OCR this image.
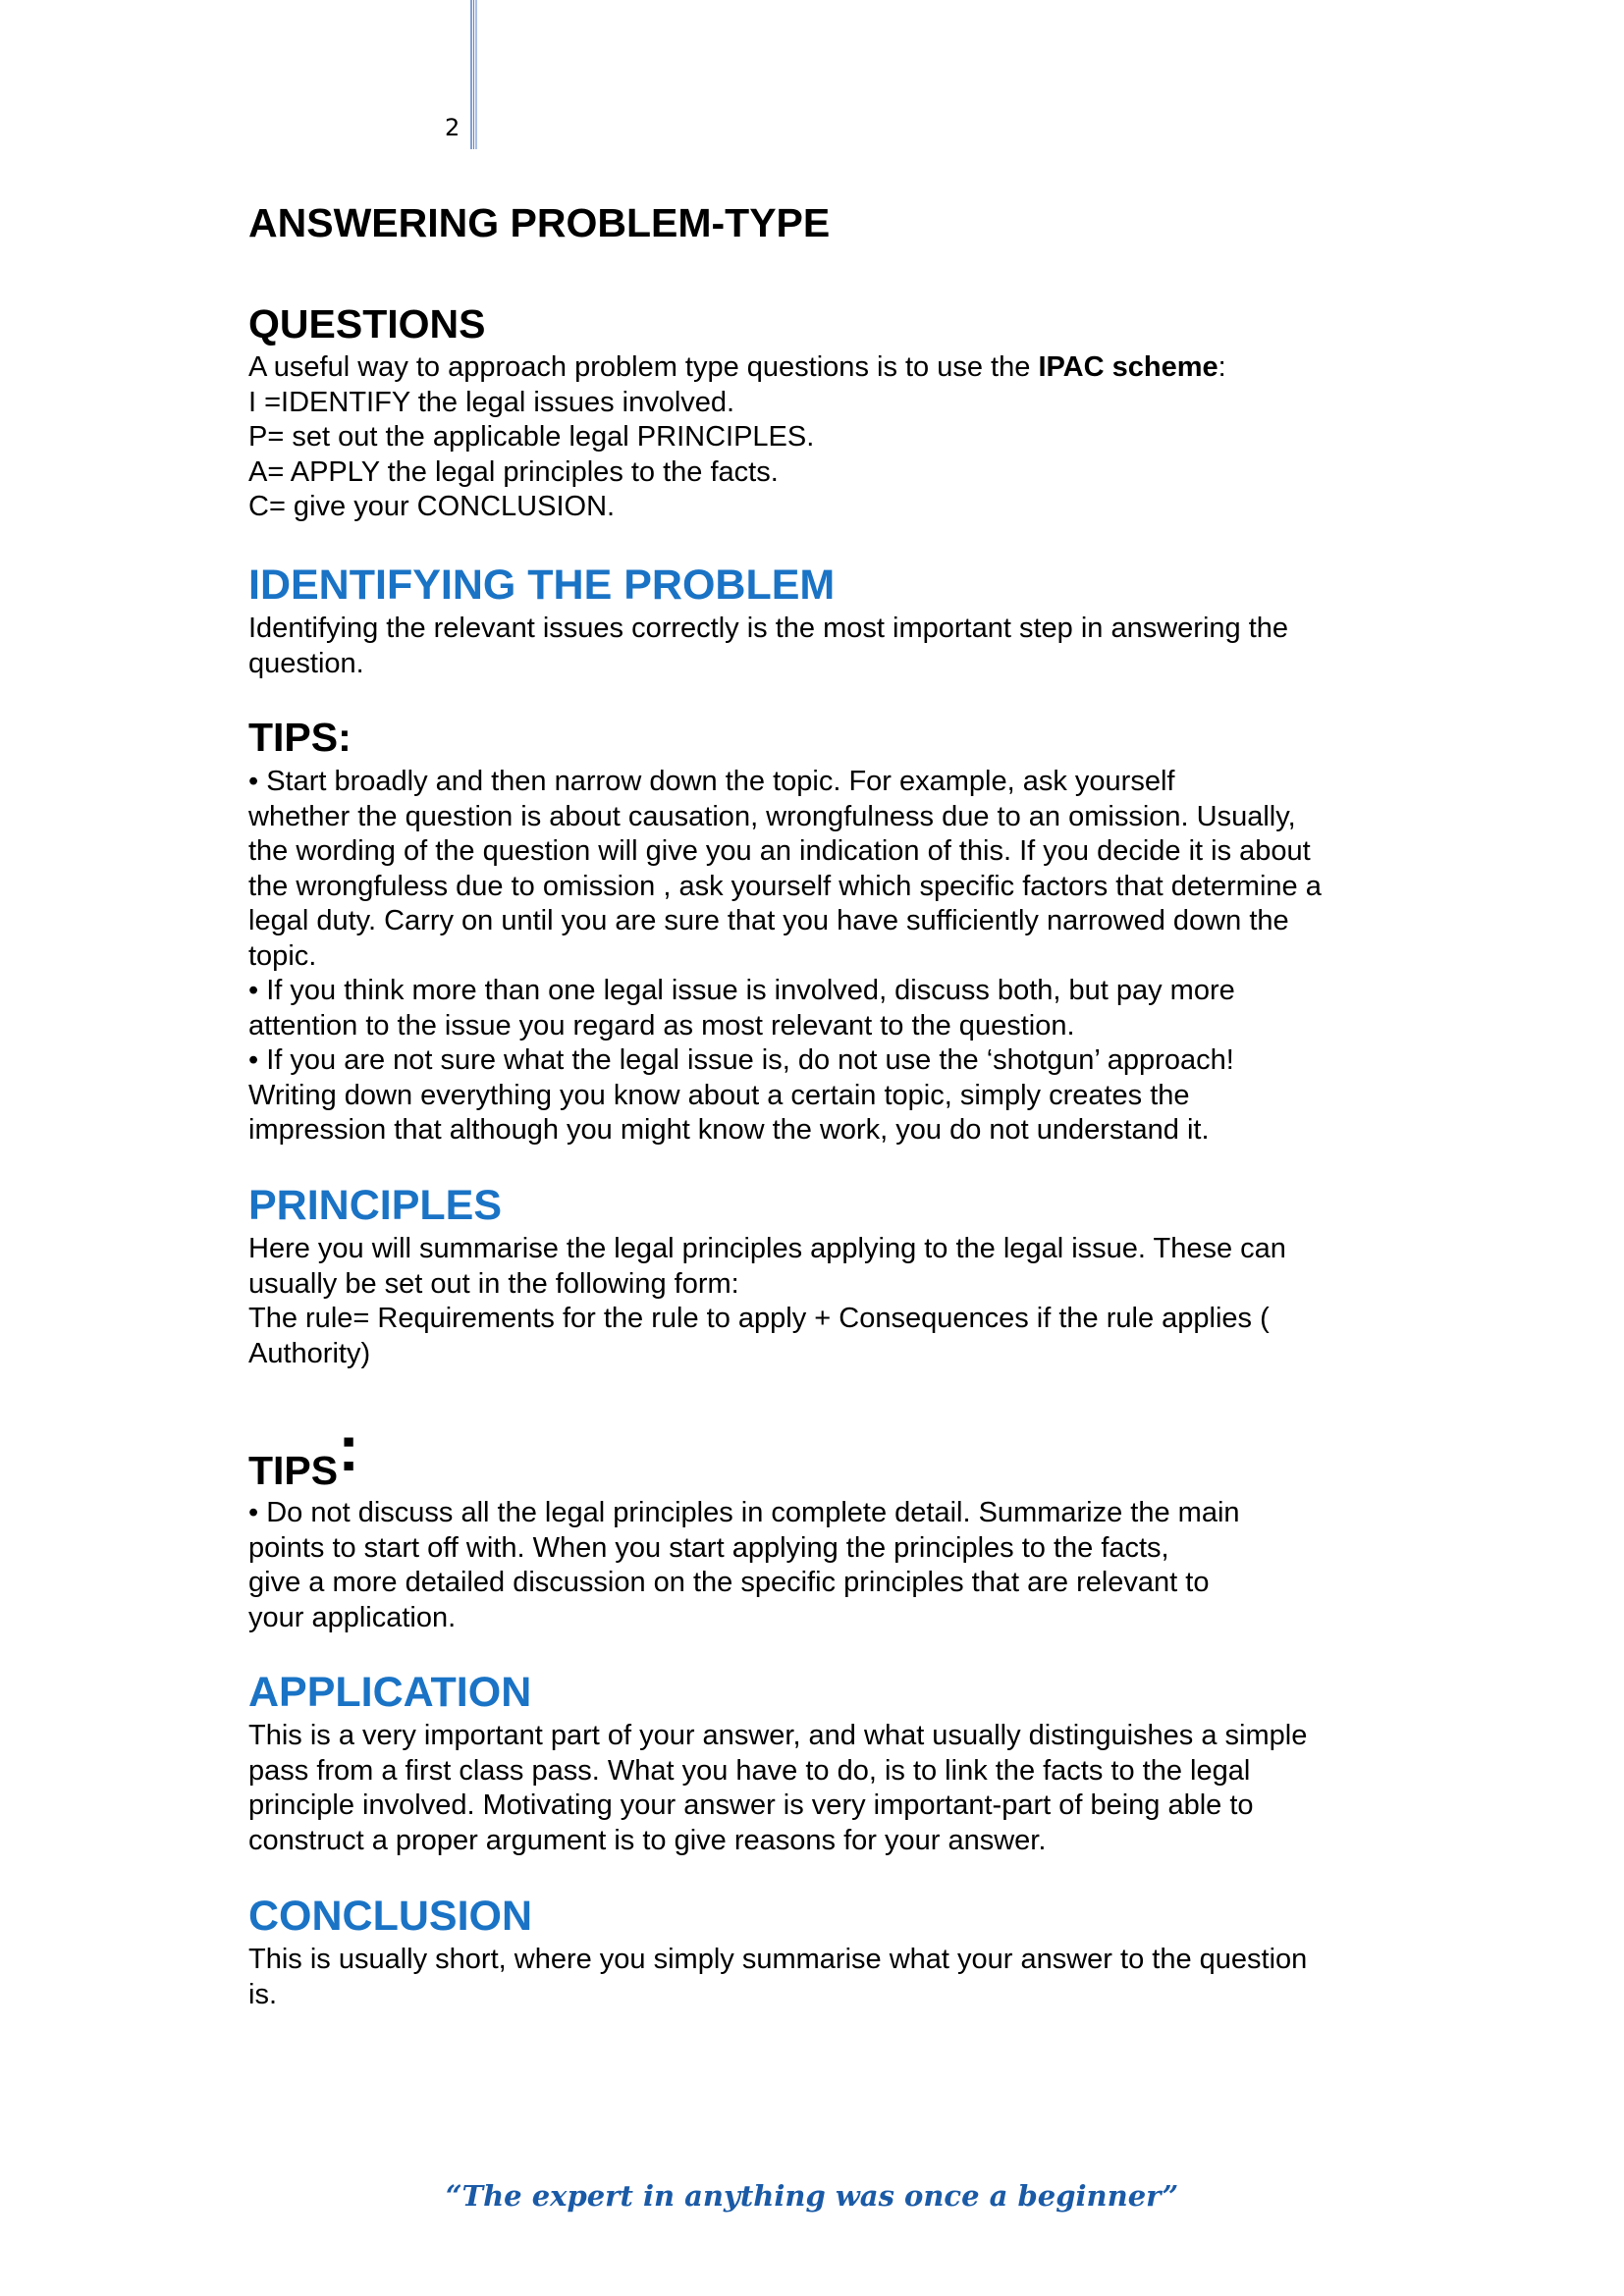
2
ANSWERING PROBLEM-TYPE
QUESTIONS
A useful way to approach problem type questions is to use the IPAC scheme:
I =IDENTIFY the legal issues involved.
P= set out the applicable legal PRINCIPLES.
A= APPLY the legal principles to the facts.
C= give your CONCLUSION.
IDENTIFYING THE PROBLEM
Identifying the relevant issues correctly is the most important step in answering the
question.
TIPS:
• Start broadly and then narrow down the topic. For example, ask yourself
whether the question is about causation, wrongfulness due to an omission. Usually,
the wording of the question will give you an indication of this. If you decide it is about
the wrongfuless due to omission , ask yourself which specific factors that determine a
legal duty. Carry on until you are sure that you have sufficiently narrowed down the
topic.
• If you think more than one legal issue is involved, discuss both, but pay more
attention to the issue you regard as most relevant to the question.
• If you are not sure what the legal issue is, do not use the ‘shotgun’ approach!
Writing down everything you know about a certain topic, simply creates the
impression that although you might know the work, you do not understand it.
PRINCIPLES
Here you will summarise the legal principles applying to the legal issue. These can
usually be set out in the following form:
The rule= Requirements for the rule to apply + Consequences if the rule applies (
Authority)
TIPS:
• Do not discuss all the legal principles in complete detail. Summarize the main
points to start off with. When you start applying the principles to the facts,
give a more detailed discussion on the specific principles that are relevant to
your application.
APPLICATION
This is a very important part of your answer, and what usually distinguishes a simple
pass from a first class pass. What you have to do, is to link the facts to the legal
principle involved. Motivating your answer is very important-part of being able to
construct a proper argument is to give reasons for your answer.
CONCLUSION
This is usually short, where you simply summarise what your answer to the question
is.
“The expert in anything was once a beginner”
